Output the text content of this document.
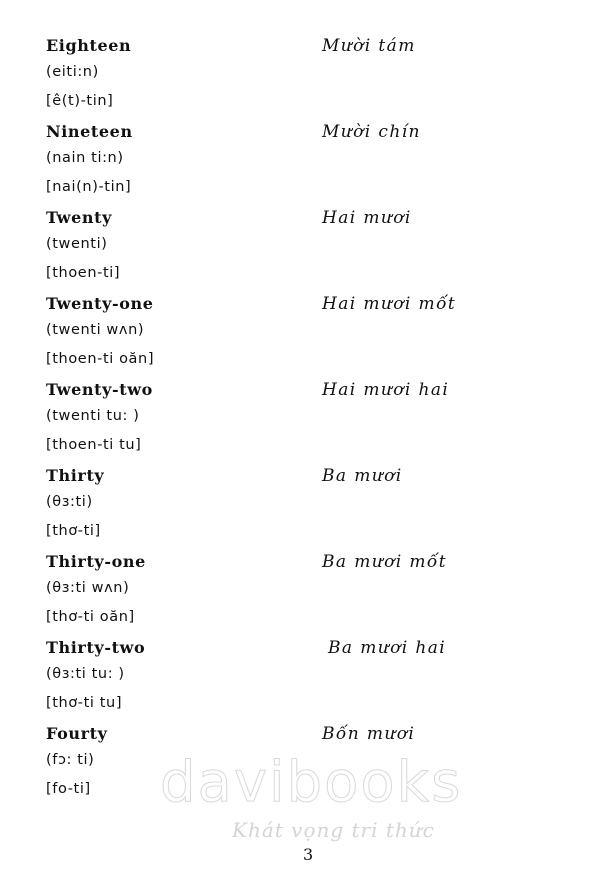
Eighteen
(eiti:n)
[ê(t)-tin]
Mười tám
Nineteen
(nain ti:n)
[nai(n)-tin]
Mười chín
Twenty
(twenti)
[thoen-ti]
Hai mươi
Twenty-one
(twenti wʌn)
[thoen-ti oăn]
Hai mươi mốt
Twenty-two
(twenti tu: )
[thoen-ti tu]
Hai mươi hai
Thirty
(θɜ:ti)
[thơ-ti]
Ba mươi
Thirty-one
(θɜ:ti wʌn)
[thơ-ti oăn]
Ba mươi mốt
Thirty-two
(θɜ:ti tu: )
[thơ-ti tu]
Ba mươi hai
Fourty
(fɔ: ti)
[fo-ti]
Bốn mươi
davibooks
Khát vọng tri thức
3
